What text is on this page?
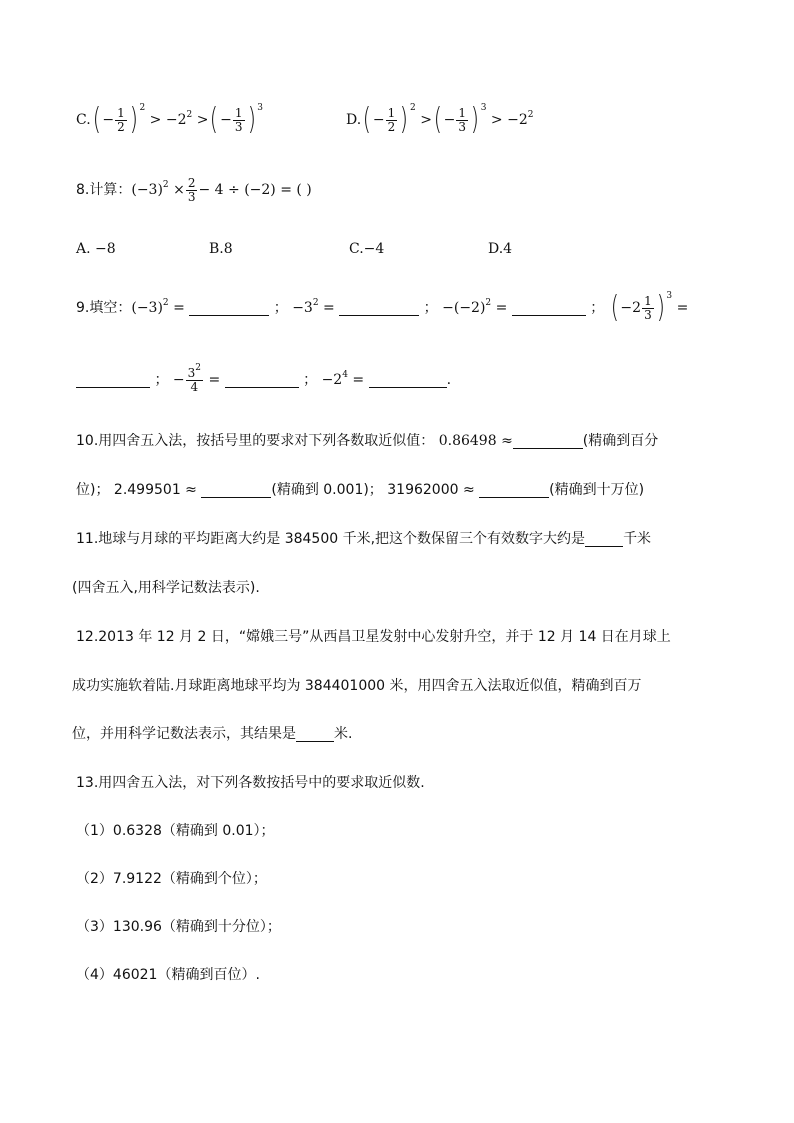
$C.( - \frac{1}{2}$ ) $^2 > -2^2$ >( − $\frac{1}{3}$ ) $^3$
$D.( - \frac{1}{2}$ ) $^2$ >( − $\frac{1}{3}$ ) $^3 > -2^2$
8.计算：$(-3)^2 \times \frac{2}{3} - 4 \div (-2)$ = ( )
A. −8	B.8	C.−4	D.4
9.填空：$(-3)^2$ =	； $-3^2$ =	； $-(-2)^2$ =	； ( $-2 \frac{1}{3}$ ) $^3$ =
； − $\frac{3^2}{4}$ =	； $-2^4$ =	.
10.用四舍五入法，按括号里的要求对下列各数取近似值： 0.86498 ≈	(精确到百分
位)； 2.499501 ≈	(精确到 0.001)； 31962000 ≈	(精确到十万位)
11.地球与月球的平均距离大约是 384500 千米,把这个数保留三个有效数字大约是	千米
(四舍五入,用科学记数法表示).
12.2013 年 12 月 2 日，“嫦娥三号”从西昌卫星发射中心发射升空，并于 12 月 14 日在月球上
成功实施软着陆.月球距离地球平均为 384401000 米，用四舍五入法取近似值，精确到百万
位，并用科学记数法表示，其结果是	米.
13.用四舍五入法，对下列各数按括号中的要求取近似数.
（1）0.6328（精确到 0.01）；
（2）7.9122（精确到个位）；
（3）130.96（精确到十分位）；
（4）46021（精确到百位）.
